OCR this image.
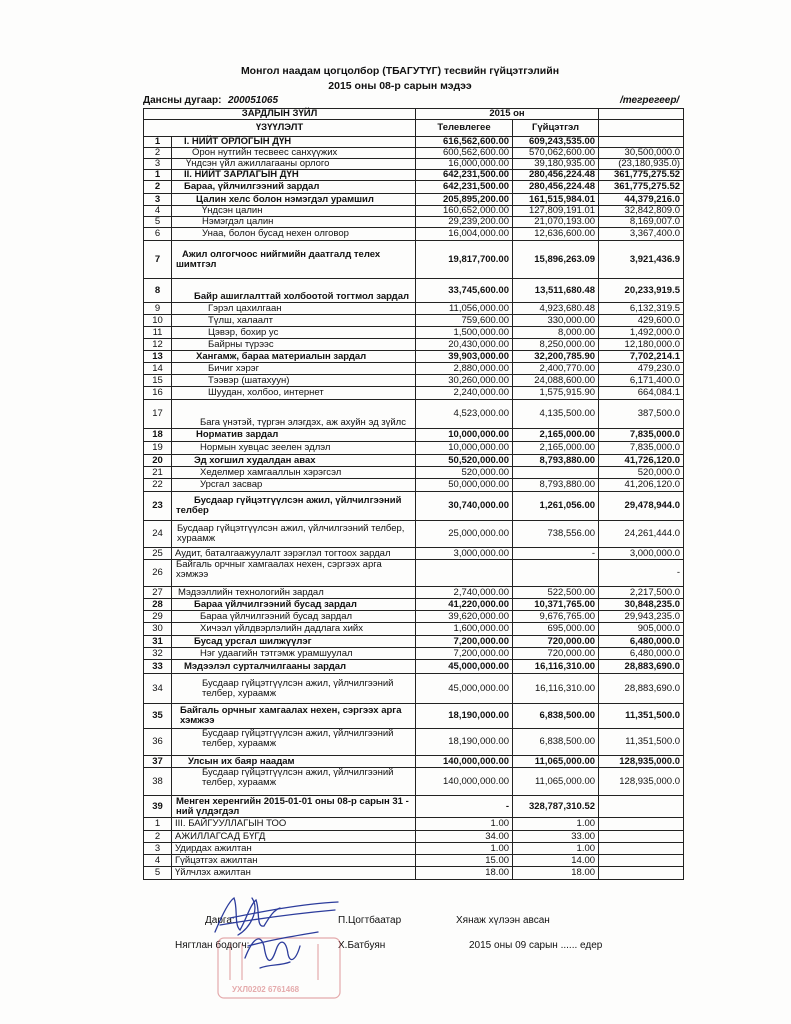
Монгол наадам цогцолбор (ТБАГУТҮГ) тесвийн гүйцэтгэлийн
2015 оны 08-р сарын мэдээ
Дансны дугаар: 200051065	/тегрегеер/
ЗАРДЛЫН ЗҮЙЛ		2015 он		
ҮЗҮҮЛЭЛТ		Телевлегее	Гүйцэтгэл	
1	I. НИЙТ ОРЛОГЫН ДҮН	616,562,600.00	609,243,535.00	
2	Орон нутгийн тесвеес санхүүжих	600,562,600.00	570,062,600.00	30,500,000.0
3	Үндсэн үйл ажиллагааны орлого	16,000,000.00	39,180,935.00	(23,180,935.0)
1	II. НИЙТ ЗАРЛАГЫН ДҮН	642,231,500.00	280,456,224.48	361,775,275.52
2	Бараа, үйлчилгээний зардал	642,231,500.00	280,456,224.48	361,775,275.52
3	Цалин хелс болон нэмэгдэл урамшил	205,895,200.00	161,515,984.01	44,379,216.0
4	Үндсэн цалин	160,652,000.00	127,809,191.01	32,842,809.0
5	Нэмэгдэл цалин	29,239,200.00	21,070,193.00	8,169,007.0
6	Унаа, болон бусад нехен олговор	16,004,000.00	12,636,600.00	3,367,400.0
7	Ажил олгогчоос нийгмийн даатгалд телех шимтгэл	19,817,700.00	15,896,263.09	3,921,436.9
8	Байр ашиглалттай холбоотой тогтмол зардал	33,745,600.00	13,511,680.48	20,233,919.5
9	Гэрэл цахилгаан	11,056,000.00	4,923,680.48	6,132,319.5
10	Түлш, халаалт	759,600.00	330,000.00	429,600.0
11	Цэвэр, бохир ус	1,500,000.00	8,000.00	1,492,000.0
12	Байрны түрээс	20,430,000.00	8,250,000.00	12,180,000.0
13	Хангамж, бараа материалын зардал	39,903,000.00	32,200,785.90	7,702,214.1
14	Бичиг хэрэг	2,880,000.00	2,400,770.00	479,230.0
15	Тээвэр (шатахуун)	30,260,000.00	24,088,600.00	6,171,400.0
16	Шуудан, холбоо, интернет	2,240,000.00	1,575,915.90	664,084.1
17	Бага үнэтэй, түргэн элэгдэх, аж ахуйн эд зүйлс	4,523,000.00	4,135,500.00	387,500.0
18	Норматив зардал	10,000,000.00	2,165,000.00	7,835,000.0
19	Нормын хувцас зеелен эдлэл	10,000,000.00	2,165,000.00	7,835,000.0
20	Эд хогшил худалдан авах	50,520,000.00	8,793,880.00	41,726,120.0
21	Хеделмер хамгааллын хэрэгсэл	520,000.00		520,000.0
22	Урсгал засвар	50,000,000.00	8,793,880.00	41,206,120.0
23	Бусдаар гүйцэтгүүлсэн ажил, үйлчилгээний телбер	30,740,000.00	1,261,056.00	29,478,944.0
24	Бусдаар гүйцэтгүүлсэн ажил, үйлчилгээний телбер, хураамж	25,000,000.00	738,556.00	24,261,444.0
25	Аудит, баталгаажуулалт зэрэглэл тогтоох зардал	3,000,000.00	-	3,000,000.0
26	Байгаль орчныг хамгаалах нехен, сэргээх арга хэмжээ			-
27	Мэдээллийн технологийн зардал	2,740,000.00	522,500.00	2,217,500.0
28	Бараа үйлчилгээний бусад зардал	41,220,000.00	10,371,765.00	30,848,235.0
29	Бараа үйлчилгээний бусад зардал	39,620,000.00	9,676,765.00	29,943,235.0
30	Хичээл үйлдвэрлэлийн дадлага хийх	1,600,000.00	695,000.00	905,000.0
31	Бусад урсгал шилжүүлэг	7,200,000.00	720,000.00	6,480,000.0
32	Нэг удаагийн тэтгэмж урамшуулал	7,200,000.00	720,000.00	6,480,000.0
33	Мэдээлэл сурталчилгааны зардал	45,000,000.00	16,116,310.00	28,883,690.0
34	Бусдаар гүйцэтгүүлсэн ажил, үйлчилгээний телбер, хураамж	45,000,000.00	16,116,310.00	28,883,690.0
35	Байгаль орчныг хамгаалах нехен, сэргээх арга хэмжээ	18,190,000.00	6,838,500.00	11,351,500.0
36	Бусдаар гүйцэтгүүлсэн ажил, үйлчилгээний телбер, хураамж	18,190,000.00	6,838,500.00	11,351,500.0
37	Улсын их баяр наадам	140,000,000.00	11,065,000.00	128,935,000.0
38	Бусдаар гүйцэтгүүлсэн ажил, үйлчилгээний телбер, хураамж	140,000,000.00	11,065,000.00	128,935,000.0
39	Менген херенгийн 2015-01-01 оны 08-р сарын 31 - ний үлдэгдэл	-	328,787,310.52	
1	III. БАЙГУУЛЛАГЫН ТОО	1.00	1.00	
2	АЖИЛЛАГСАД БҮГД	34.00	33.00	
3	Удирдах ажилтан	1.00	1.00	
4	Гүйцэтгэх ажилтан	15.00	14.00	
5	Үйлчлэх ажилтан	18.00	18.00	
Дарга:	П.Цогтбаатар	Хянаж хүлээн авсан
Нягтлан бодогч:	Х.Батбуян	2015 оны 09 сарын ...... едер
УХЛ0202 6761468
